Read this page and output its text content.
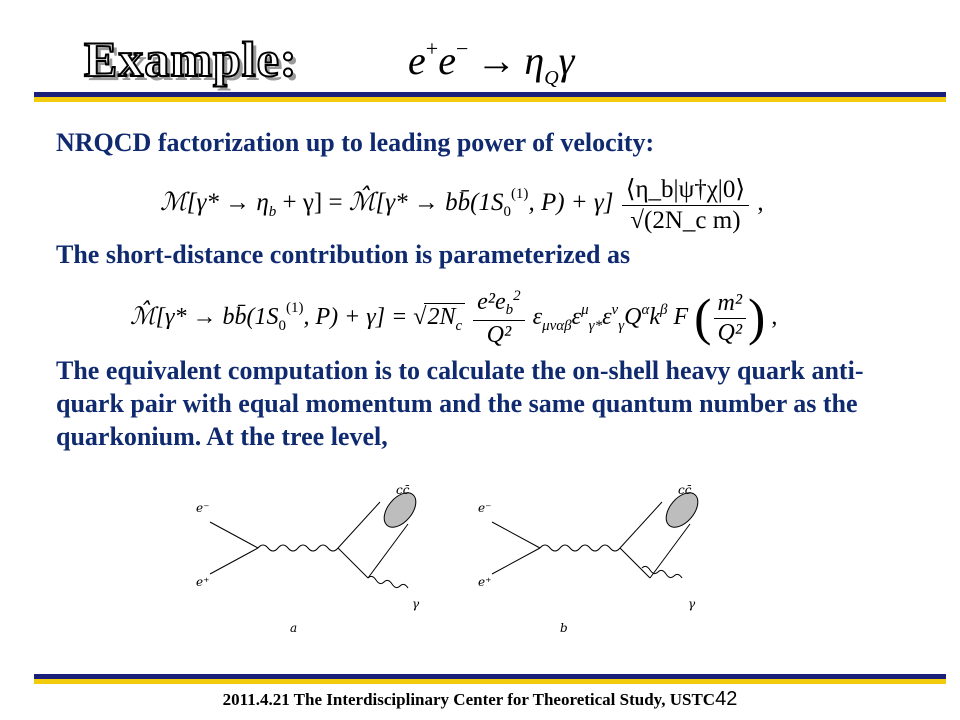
Example:	$e^+e^- \to \eta_Q\gamma$

NRQCD factorization up to leading power of velocity:

ℳ[γ* → $\eta_b + \gamma$] = ℳ̂[γ* → $bb̄(1S_0^{(1)}$, $P) + \gamma] \frac{⟨\eta\_b|\psi\dagger\chi|0⟩}{\text{√(2N\_c m)}}$ ,

The short-distance contribution is parameterized as

ℳ̂[γ* → $bb̄(1S_0^{(1)}$, $P) + \gamma] = √2N_c \frac{e^2e_b^2}{\text{Q²}} \varepsilon_{\mu\nu\alpha\beta}\varepsilon^\mu_{\gamma*}\varepsilon^\nu_\gamma Q^\alpha k^\beta$ F ( $\frac{\text{m²}}{\text{Q²}}$ ) ,

The equivalent computation is to calculate the on-shell heavy quark anti-quark pair with equal momentum and the same quantum number as the quarkonium. At the tree level,

e⁻
e⁺
cc̄
γ
a
e⁻
e⁺
cc̄
γ
b
2011.4.21 The Interdisciplinary Center for Theoretical Study, USTC42
